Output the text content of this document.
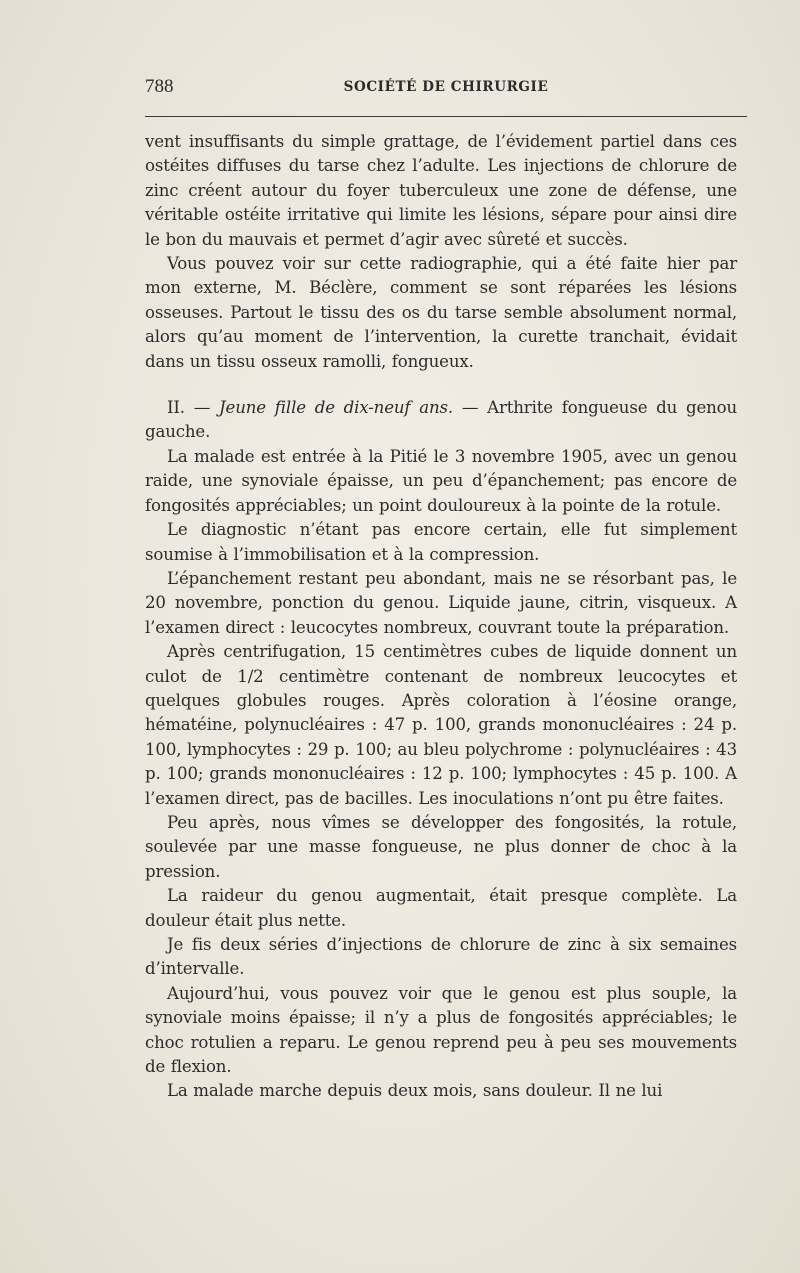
788	SOCIÉTÉ DE CHIRURGIE

vent insuffisants du simple grattage, de l’évidement partiel dans ces ostéites diffuses du tarse chez l’adulte. Les injections de chlorure de zinc créent autour du foyer tuberculeux une zone de défense, une véritable ostéite irritative qui limite les lésions, sépare pour ainsi dire le bon du mauvais et permet d’agir avec sûreté et succès.

Vous pouvez voir sur cette radiographie, qui a été faite hier par mon externe, M. Béclère, comment se sont réparées les lésions osseuses. Partout le tissu des os du tarse semble absolument normal, alors qu’au moment de l’intervention, la curette tranchait, évidait dans un tissu osseux ramolli, fongueux.

II. — Jeune fille de dix-neuf ans. — Arthrite fongueuse du genou gauche.

La malade est entrée à la Pitié le 3 novembre 1905, avec un genou raide, une synoviale épaisse, un peu d’épanchement; pas encore de fongosités appréciables; un point douloureux à la pointe de la rotule.

Le diagnostic n’étant pas encore certain, elle fut simplement soumise à l’immobilisation et à la compression.

L’épanchement restant peu abondant, mais ne se résorbant pas, le 20 novembre, ponction du genou. Liquide jaune, citrin, visqueux. A l’examen direct : leucocytes nombreux, couvrant toute la préparation.

Après centrifugation, 15 centimètres cubes de liquide donnent un culot de 1/2 centimètre contenant de nombreux leucocytes et quelques globules rouges. Après coloration à l’éosine orange, hématéine, polynucléaires : 47 p. 100, grands mononucléaires : 24 p. 100, lymphocytes : 29 p. 100; au bleu polychrome : polynucléaires : 43 p. 100; grands mononucléaires : 12 p. 100; lymphocytes : 45 p. 100. A l’examen direct, pas de bacilles. Les inoculations n’ont pu être faites.

Peu après, nous vîmes se développer des fongosités, la rotule, soulevée par une masse fongueuse, ne plus donner de choc à la pression.

La raideur du genou augmentait, était presque complète. La douleur était plus nette.

Je fis deux séries d’injections de chlorure de zinc à six semaines d’intervalle.

Aujourd’hui, vous pouvez voir que le genou est plus souple, la synoviale moins épaisse; il n’y a plus de fongosités appréciables; le choc rotulien a reparu. Le genou reprend peu à peu ses mouvements de flexion.

La malade marche depuis deux mois, sans douleur. Il ne lui
